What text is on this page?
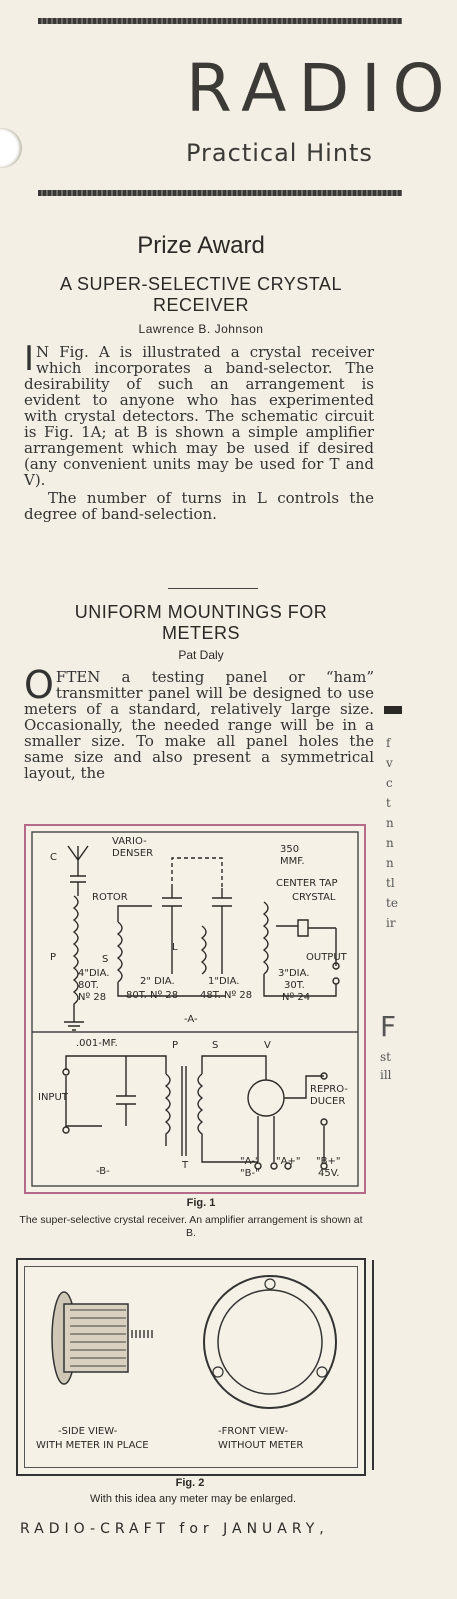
RADIO
Practical Hints
Prize Award
A SUPER-SELECTIVE CRYSTAL RECEIVER
Lawrence B. Johnson

I N Fig. A is illustrated a crystal receiver which incorporates a band-selector. The desirability of such an arrangement is evident to anyone who has experimented with crystal detectors. The schematic circuit is Fig. 1A; at B is shown a simple amplifier arrangement which may be used if desired (any convenient units may be used for T and V).

The number of turns in L controls the degree of band-selection.

UNIFORM MOUNTINGS FOR METERS
Pat Daly

OFTEN a testing panel or “ham” transmitter panel will be designed to use meters of a standard, relatively large size. Occasionally, the needed range will be in a smaller size. To make all panel holes the same size and also present a symmetrical layout, the

VARIO-
DENSER
C
350
MMF.
CENTER TAP
CRYSTAL
ROTOR
L
S
P	OUTPUT
4"DIA.
80T.
Nº 28
2" DIA.
80T. Nº 28
1"DIA.
48T. Nº 28
3"DIA.
30T.
Nº 24
-A-
.001-MF.	P	S	V
INPUT
REPRO-
DUCER
-B-
T	"A-"
"B-"
"A+" "B+"
45V.
Fig. 1
The super-selective crystal receiver. An amplifier arrangement is shown at B.
-SIDE VIEW-
WITH METER IN PLACE
-FRONT VIEW-
WITHOUT METER
Fig. 2
With this idea any meter may be enlarged.
RADIO-CRAFT for JANUARY,
f
v
c
t
n
n
n
tl
te
ir
F
st
ill
